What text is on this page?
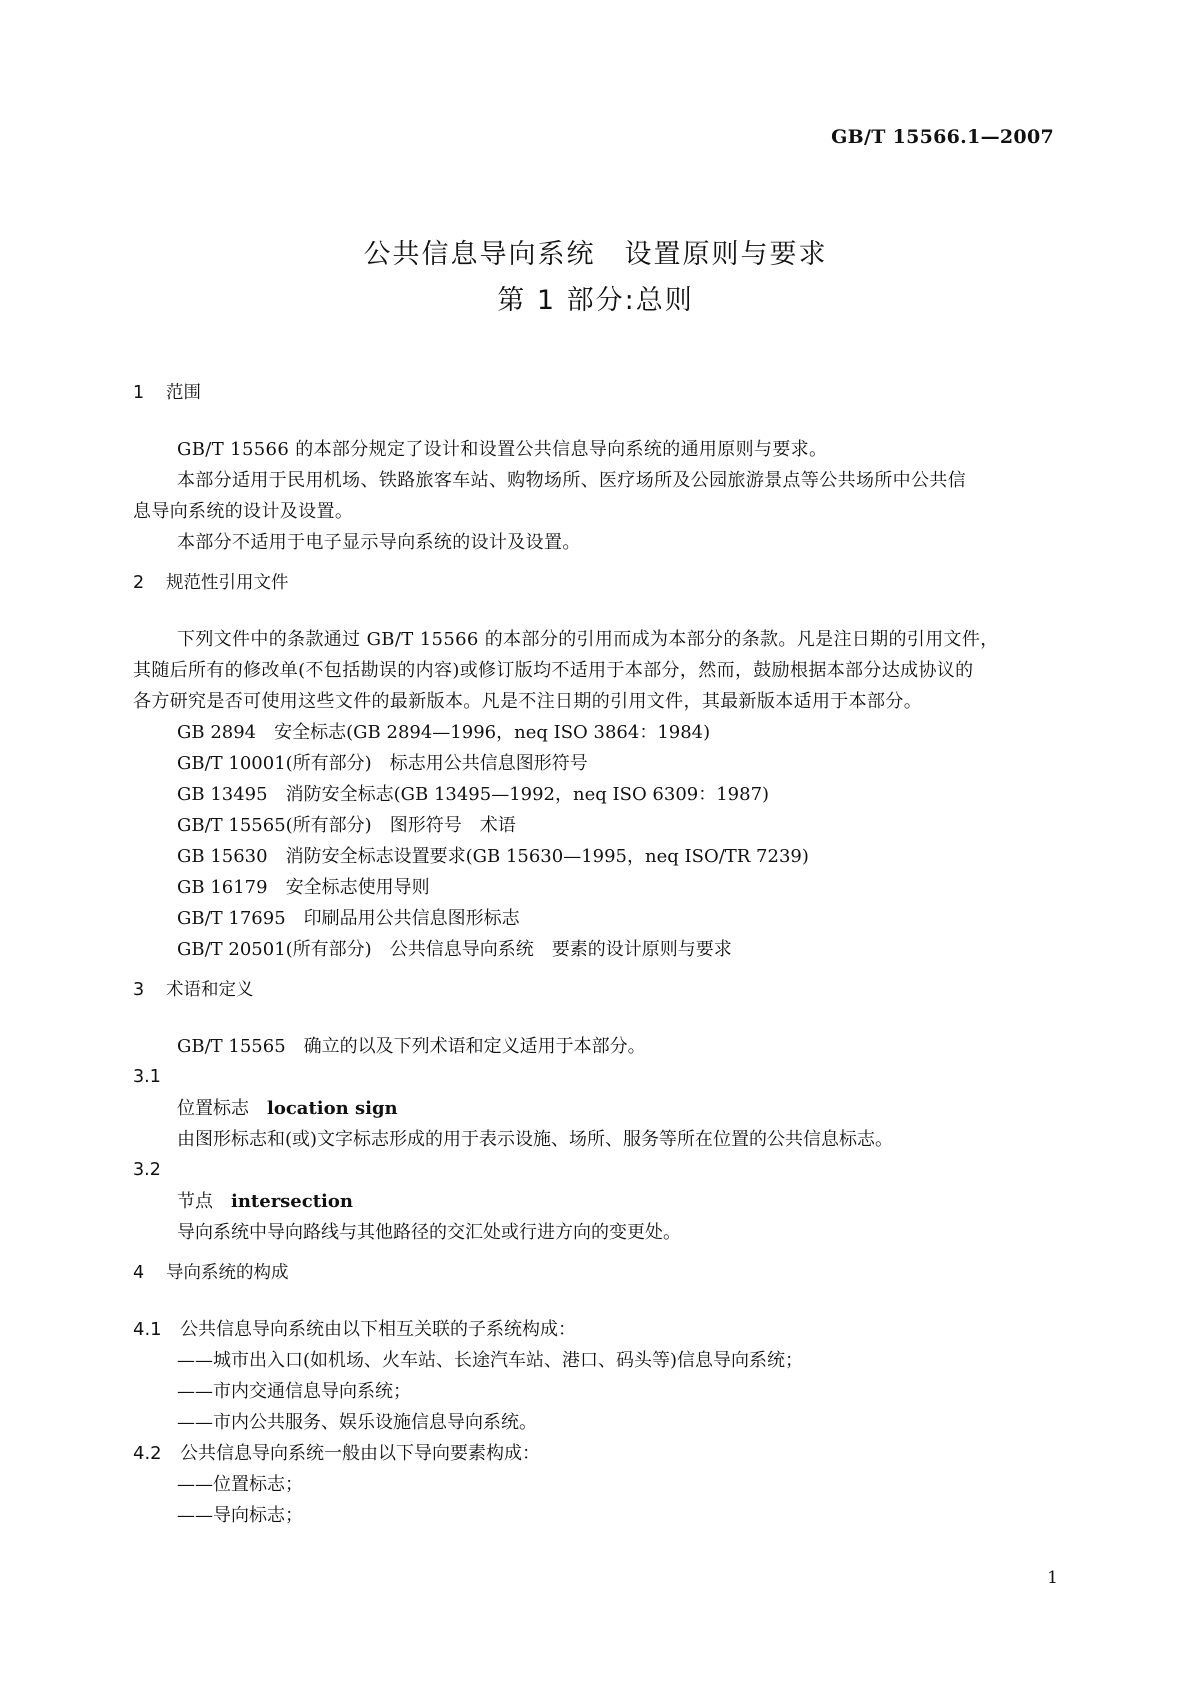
GB/T 15566.1—2007
公共信息导向系统　设置原则与要求
第 1 部分:总则
1 范围
GB/T 15566 的本部分规定了设计和设置公共信息导向系统的通用原则与要求。
本部分适用于民用机场、铁路旅客车站、购物场所、医疗场所及公园旅游景点等公共场所中公共信
息导向系统的设计及设置。
本部分不适用于电子显示导向系统的设计及设置。
2 规范性引用文件
下列文件中的条款通过 GB/T 15566 的本部分的引用而成为本部分的条款。凡是注日期的引用文件，
其随后所有的修改单(不包括勘误的内容)或修订版均不适用于本部分，然而，鼓励根据本部分达成协议的
各方研究是否可使用这些文件的最新版本。凡是不注日期的引用文件，其最新版本适用于本部分。
GB 2894　安全标志(GB 2894—1996，neq ISO 3864：1984)
GB/T 10001(所有部分)　标志用公共信息图形符号
GB 13495　消防安全标志(GB 13495—1992，neq ISO 6309：1987)
GB/T 15565(所有部分)　图形符号　术语
GB 15630　消防安全标志设置要求(GB 15630—1995，neq ISO/TR 7239)
GB 16179　安全标志使用导则
GB/T 17695　印刷品用公共信息图形标志
GB/T 20501(所有部分)　公共信息导向系统　要素的设计原则与要求
3 术语和定义
GB/T 15565　确立的以及下列术语和定义适用于本部分。
3.1
位置标志　 location sign
由图形标志和(或)文字标志形成的用于表示设施、场所、服务等所在位置的公共信息标志。
3.2
节点　 intersection
导向系统中导向路线与其他路径的交汇处或行进方向的变更处。
4 导向系统的构成
4.1 公共信息导向系统由以下相互关联的子系统构成：
——城市出入口(如机场、火车站、长途汽车站、港口、码头等)信息导向系统；
——市内交通信息导向系统；
——市内公共服务、娱乐设施信息导向系统。
4.2 公共信息导向系统一般由以下导向要素构成：
——位置标志；
——导向标志；
1
